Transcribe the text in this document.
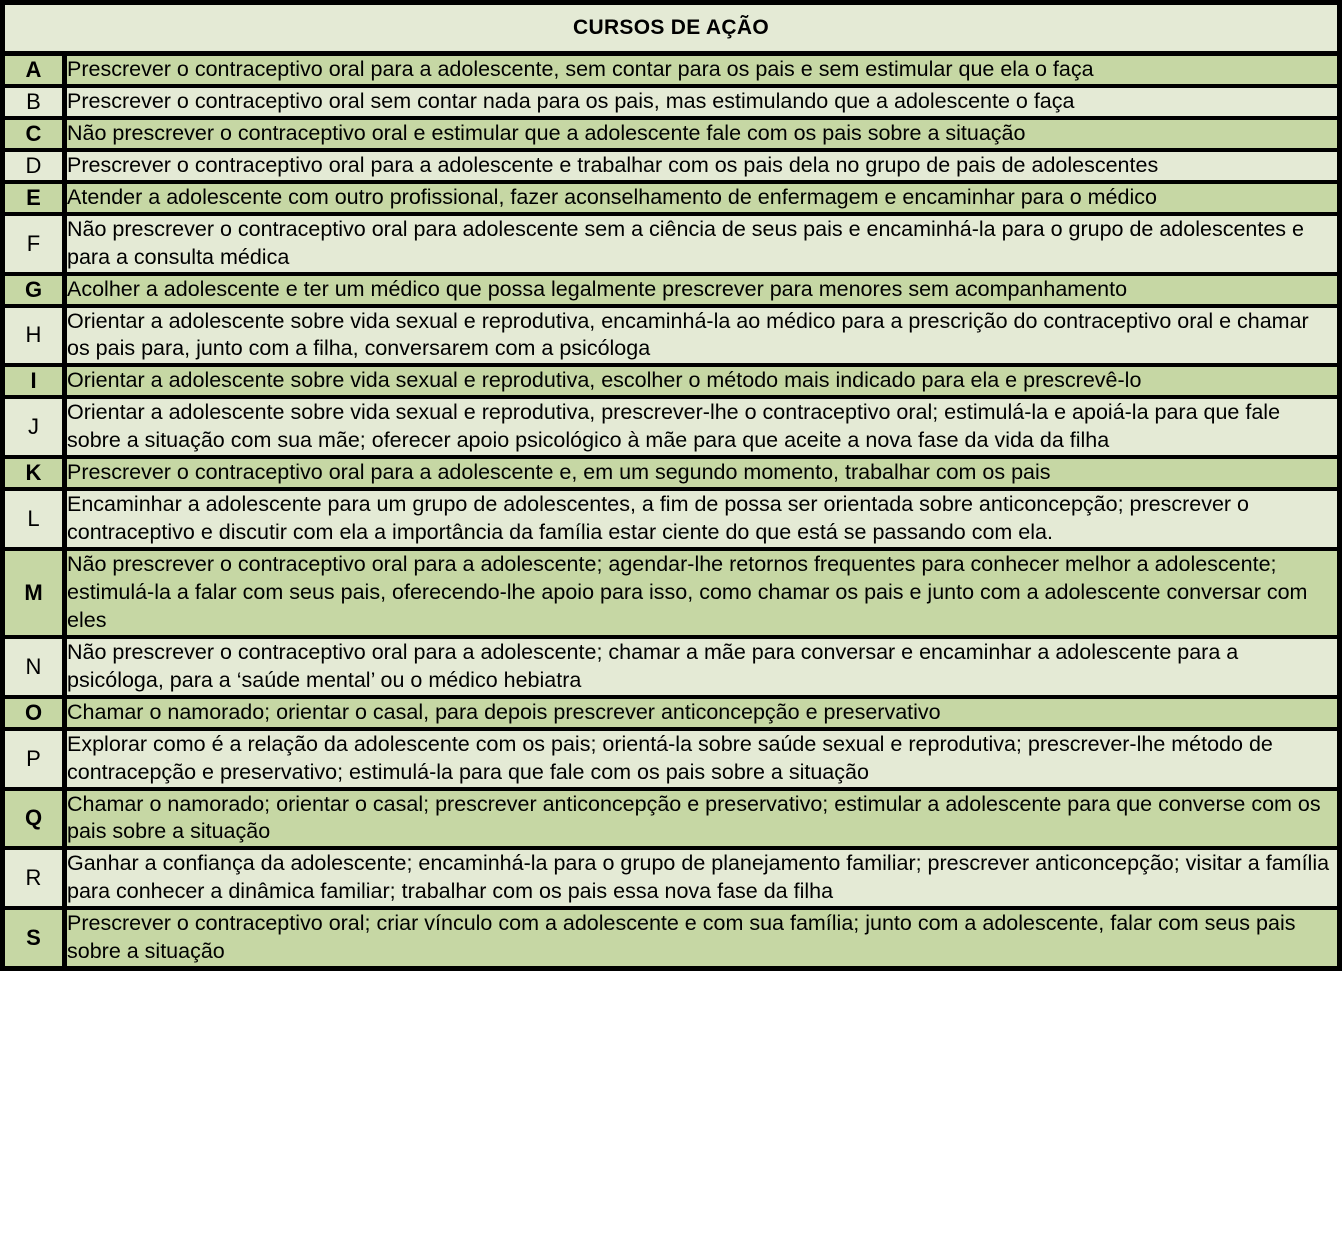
CURSOS DE AÇÃO	
A	Prescrever o contraceptivo oral para a adolescente, sem contar para os pais e sem estimular que ela o faça
B	Prescrever o contraceptivo oral sem contar nada para os pais, mas estimulando que a adolescente o faça
C	Não prescrever o contraceptivo oral e estimular que a adolescente fale com os pais sobre a situação
D	Prescrever o contraceptivo oral para a adolescente e trabalhar com os pais dela no grupo de pais de adolescentes
E	Atender a adolescente com outro profissional, fazer aconselhamento de enfermagem e encaminhar para o médico
F	Não prescrever o contraceptivo oral para adolescente sem a ciência de seus pais e encaminhá-la para o grupo de adolescentes e para a consulta médica
G	Acolher a adolescente e ter um médico que possa legalmente prescrever para menores sem acompanhamento
H	Orientar a adolescente sobre vida sexual e reprodutiva, encaminhá-la ao médico para a prescrição do contraceptivo oral e chamar os pais para, junto com a filha, conversarem com a psicóloga
I	Orientar a adolescente sobre vida sexual e reprodutiva, escolher o método mais indicado para ela e prescrevê-lo
J	Orientar a adolescente sobre vida sexual e reprodutiva, prescrever-lhe o contraceptivo oral; estimulá-la e apoiá-la para que fale sobre a situação com sua mãe; oferecer apoio psicológico à mãe para que aceite a nova fase da vida da filha
K	Prescrever o contraceptivo oral para a adolescente e, em um segundo momento, trabalhar com os pais
L	Encaminhar a adolescente para um grupo de adolescentes, a fim de possa ser orientada sobre anticoncepção; prescrever o contraceptivo e discutir com ela a importância da família estar ciente do que está se passando com ela.
M	Não prescrever o contraceptivo oral para a adolescente; agendar-lhe retornos frequentes para conhecer melhor a adolescente; estimulá-la a falar com seus pais, oferecendo-lhe apoio para isso, como chamar os pais e junto com a adolescente conversar com eles
N	Não prescrever o contraceptivo oral para a adolescente; chamar a mãe para conversar e encaminhar a adolescente para a psicóloga, para a ‘saúde mental’ ou o médico hebiatra
O	Chamar o namorado; orientar o casal, para depois prescrever anticoncepção e preservativo
P	Explorar como é a relação da adolescente com os pais; orientá-la sobre saúde sexual e reprodutiva; prescrever-lhe método de contracepção e preservativo; estimulá-la para que fale com os pais sobre a situação
Q	Chamar o namorado; orientar o casal; prescrever anticoncepção e preservativo; estimular a adolescente para que converse com os pais sobre a situação
R	Ganhar a confiança da adolescente; encaminhá-la para o grupo de planejamento familiar; prescrever anticoncepção; visitar a família para conhecer a dinâmica familiar; trabalhar com os pais essa nova fase da filha
S	Prescrever o contraceptivo oral; criar vínculo com a adolescente e com sua família; junto com a adolescente, falar com seus pais sobre a situação
